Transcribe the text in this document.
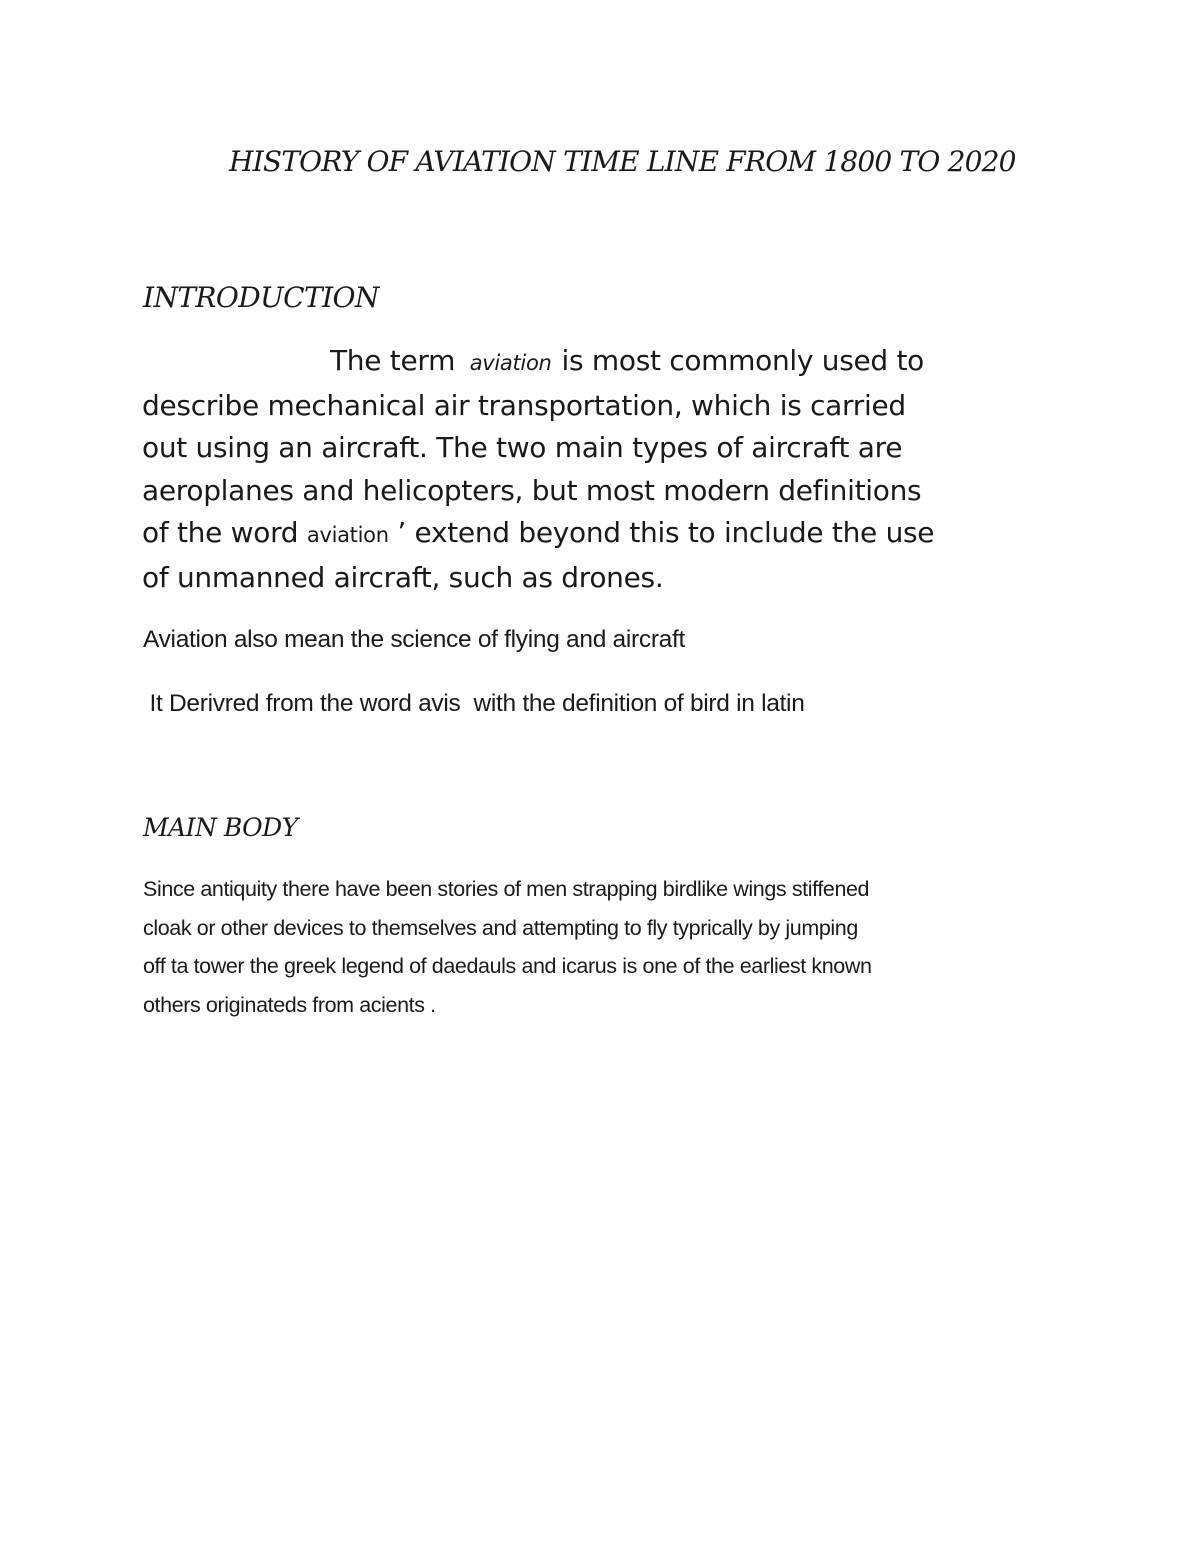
HISTORY OF AVIATION TIME LINE FROM 1800 TO 2020
INTRODUCTION

The term aviation is most commonly used to
describe mechanical air transportation, which is carried
out using an aircraft. The two main types of aircraft are
aeroplanes and helicopters, but most modern definitions
of the word aviation ’ extend beyond this to include the use
of unmanned aircraft, such as drones.

Aviation also mean the science of flying and aircraft

It Derivred from the word avis  with the definition of bird in latin

MAIN BODY

Since antiquity there have been stories of men strapping birdlike wings stiffened
cloak or other devices to themselves and attempting to fly typrically by jumping
off ta tower the greek legend of daedauls and icarus is one of the earliest known
others originateds from acients .
